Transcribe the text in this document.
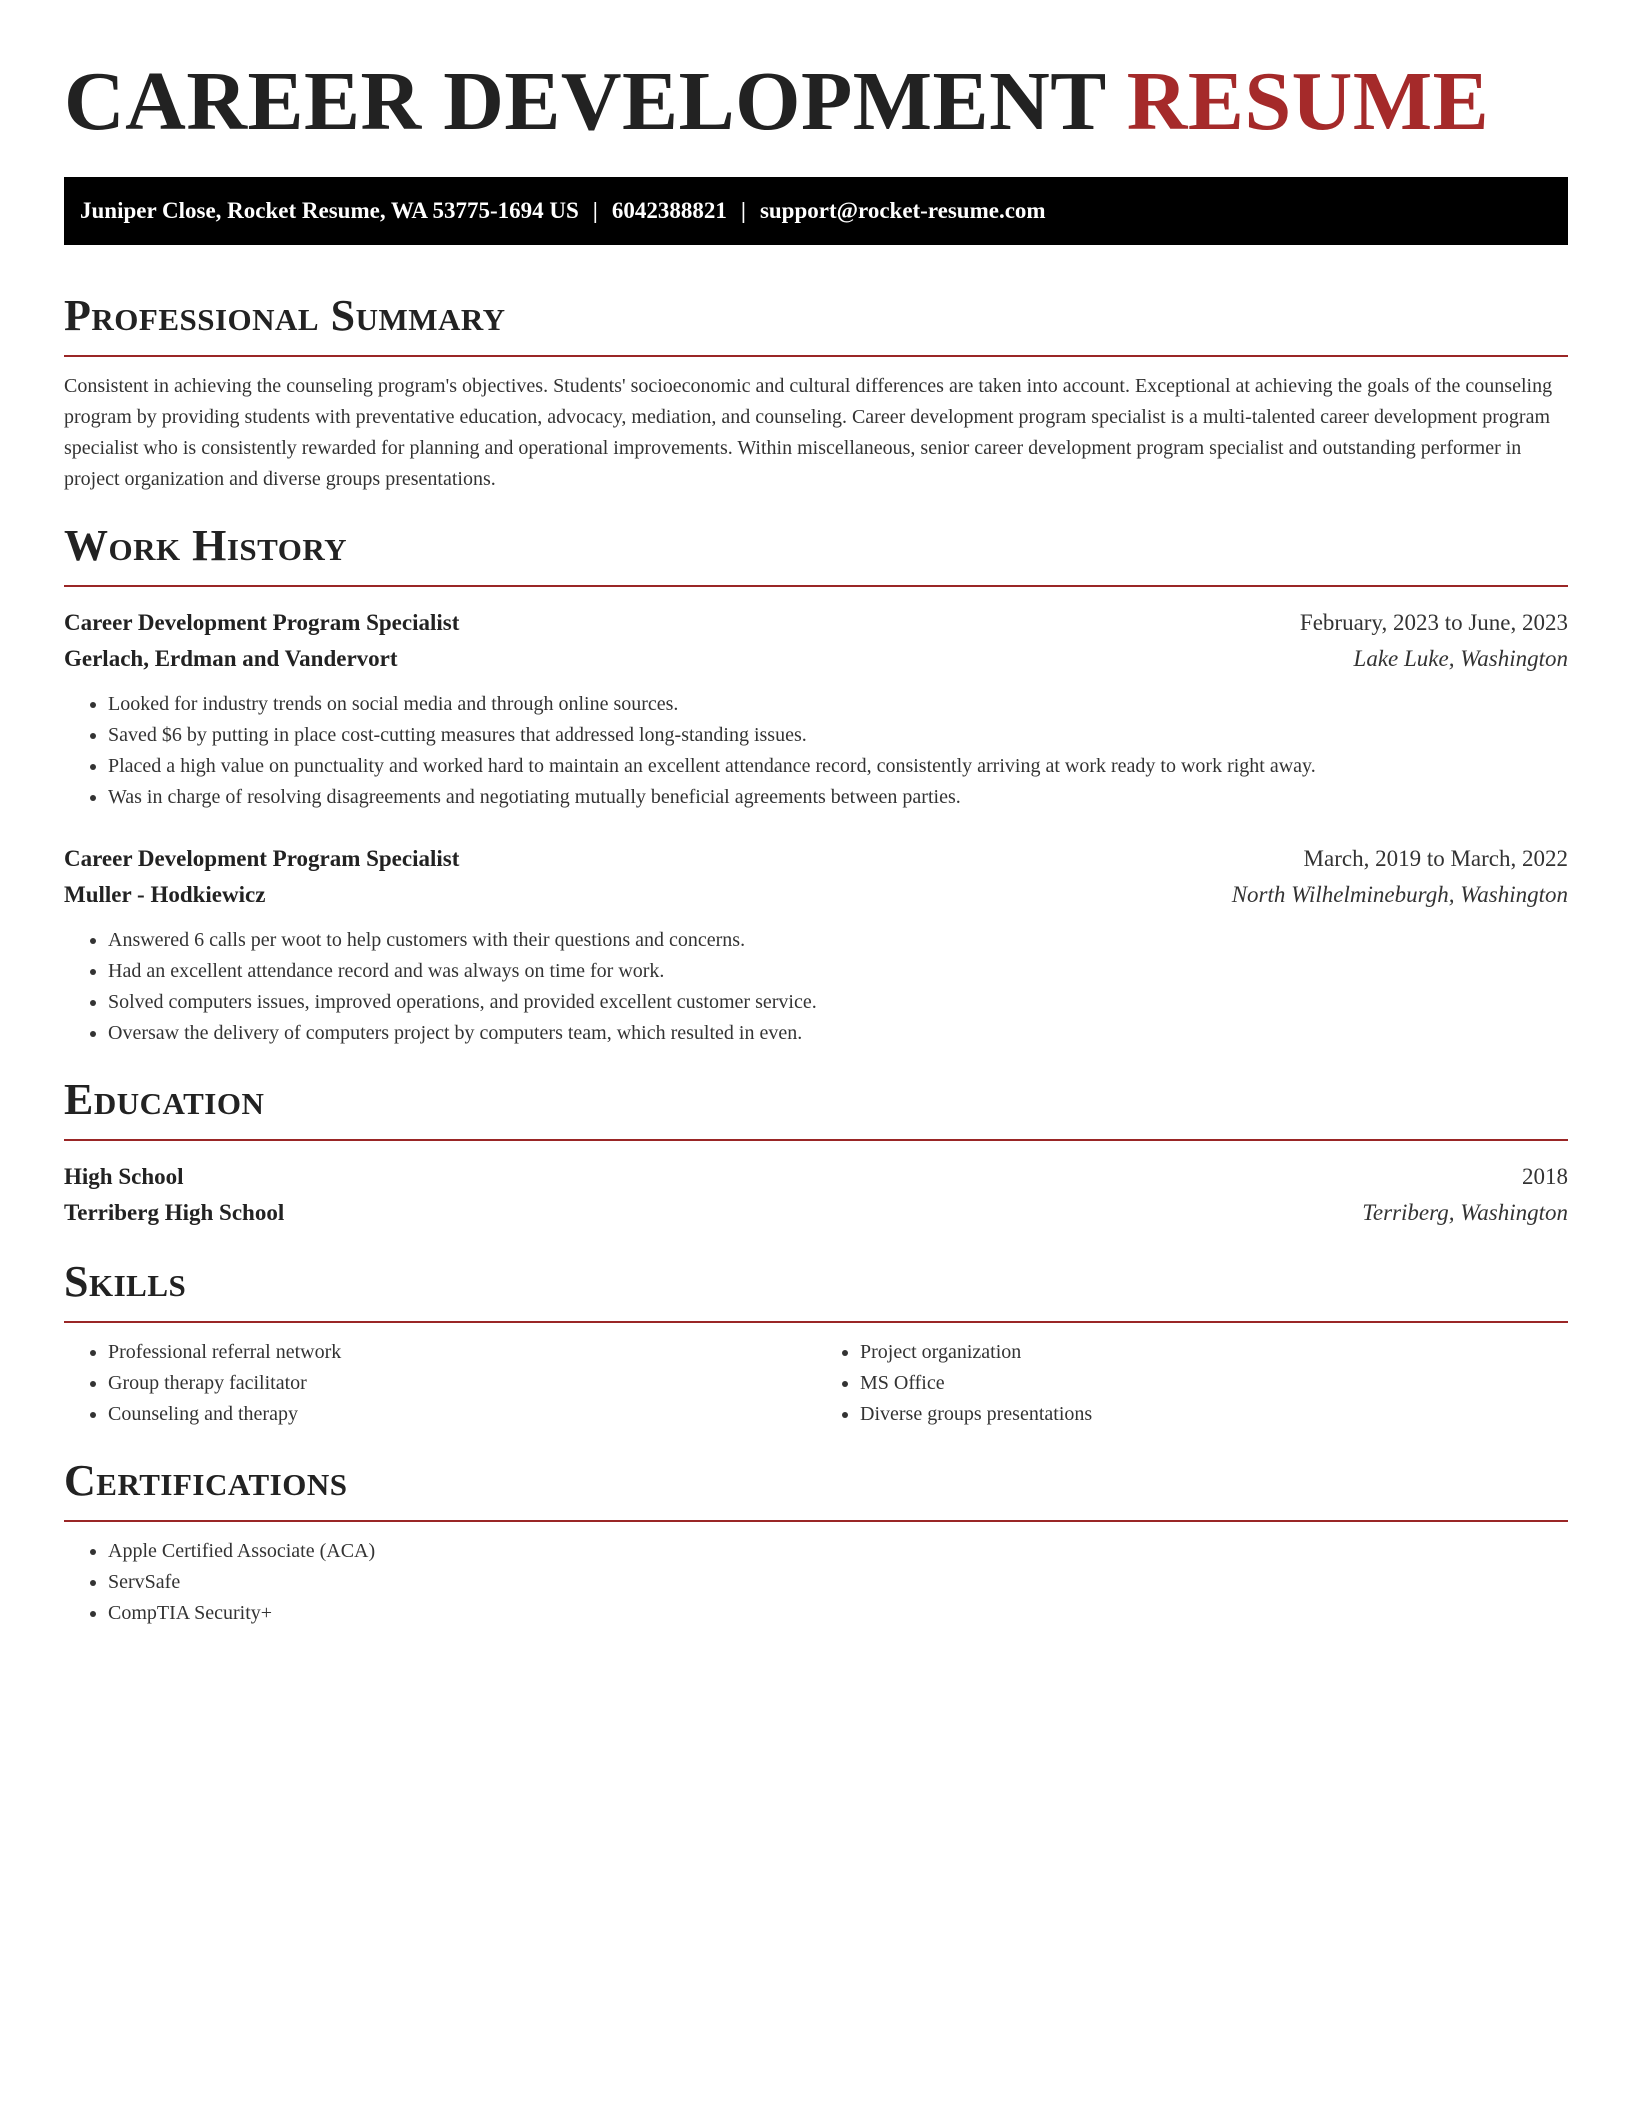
CAREER DEVELOPMENT RESUME
Juniper Close, Rocket Resume, WA 53775-1694 US | 6042388821 | support@rocket-resume.com
Professional Summary

Consistent in achieving the counseling program's objectives. Students' socioeconomic and cultural differences are taken into account. Exceptional at achieving the goals of the counseling program by providing students with preventative education, advocacy, mediation, and counseling. Career development program specialist is a multi-talented career development program specialist who is consistently rewarded for planning and operational improvements. Within miscellaneous, senior career development program specialist and outstanding performer in project organization and diverse groups presentations.

Work History
Career Development Program Specialist	February, 2023 to June, 2023
Gerlach, Erdman and Vandervort	Lake Luke, Washington
• Looked for industry trends on social media and through online sources.
• Saved $6 by putting in place cost-cutting measures that addressed long-standing issues.
• Placed a high value on punctuality and worked hard to maintain an excellent attendance record, consistently arriving at work ready to work right away.
• Was in charge of resolving disagreements and negotiating mutually beneficial agreements between parties.
Career Development Program Specialist	March, 2019 to March, 2022
Muller - Hodkiewicz	North Wilhelmineburgh, Washington
• Answered 6 calls per woot to help customers with their questions and concerns.
• Had an excellent attendance record and was always on time for work.
• Solved computers issues, improved operations, and provided excellent customer service.
• Oversaw the delivery of computers project by computers team, which resulted in even.
Education
High School	2018
Terriberg High School	Terriberg, Washington
Skills
• Professional referral network
• Group therapy facilitator
• Counseling and therapy
• Project organization
• MS Office
• Diverse groups presentations
Certifications
• Apple Certified Associate (ACA)
• ServSafe
• CompTIA Security+
